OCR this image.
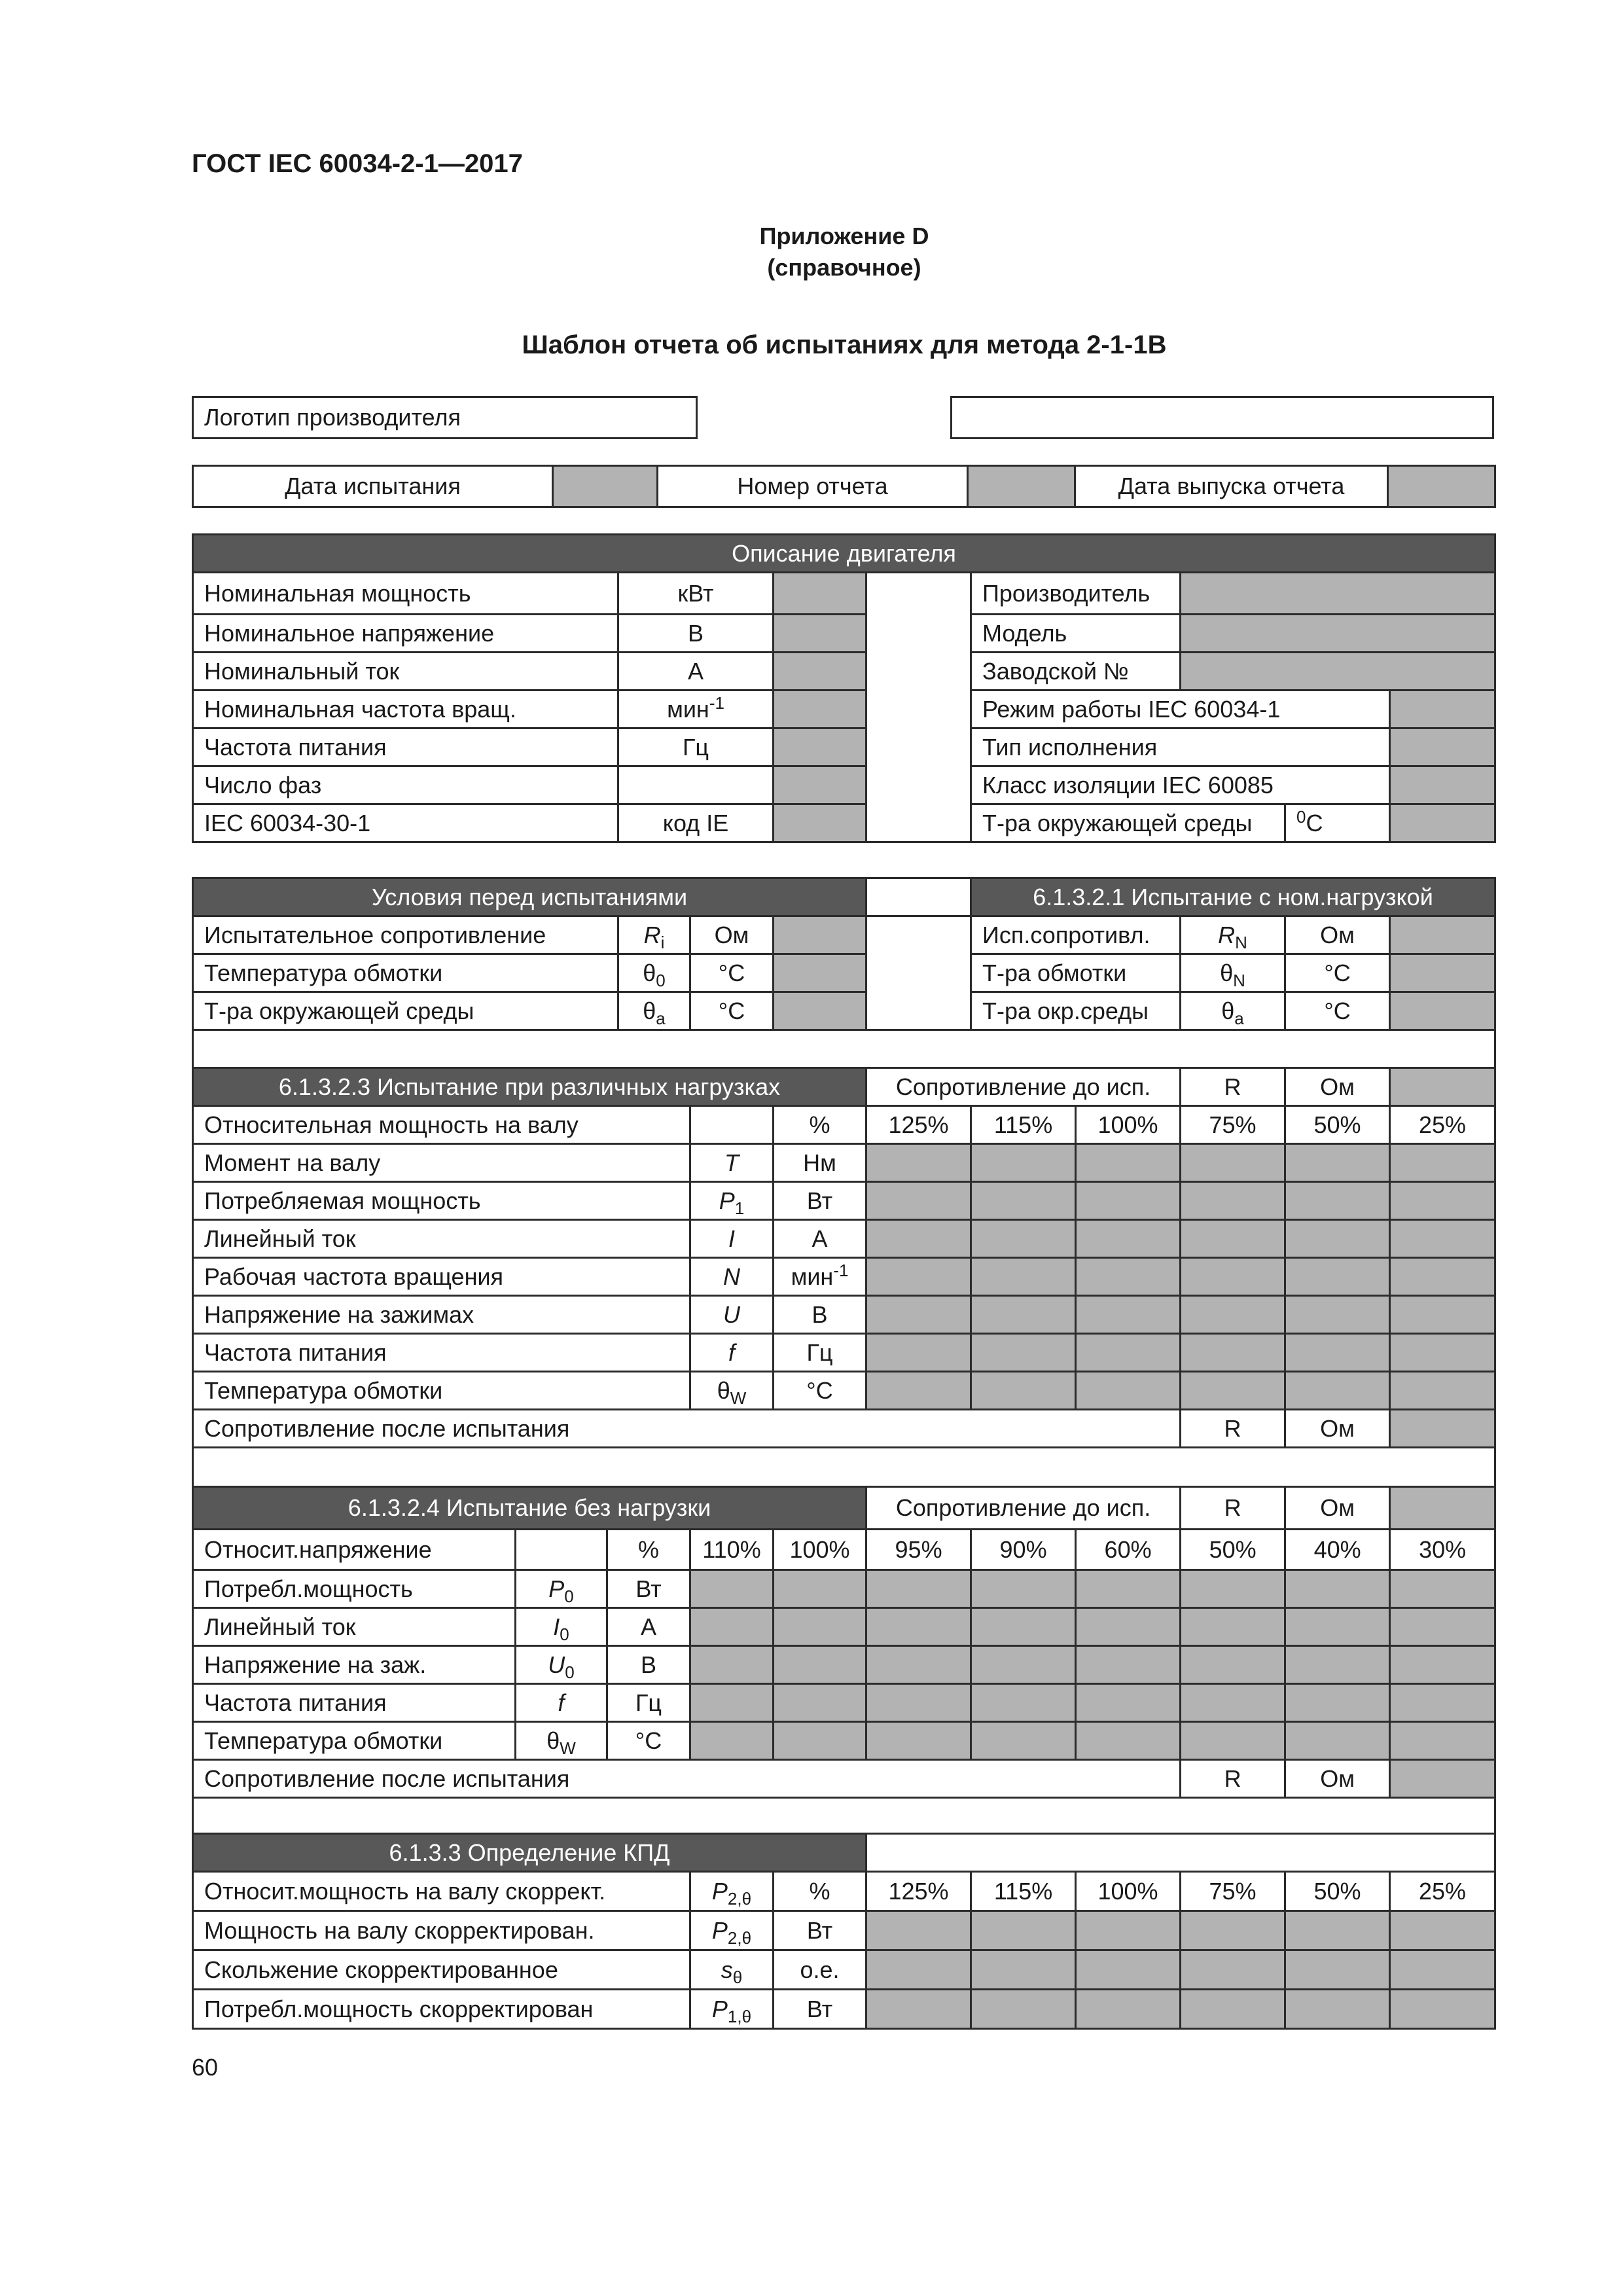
ГОСТ IEC 60034-2-1—2017
Приложение D
(справочное)
Шаблон отчета об испытаниях для метода 2-1-1В
Логотип производителя
Дата испытания		Номер отчета		Дата выпуска отчета	
Описание двигателя							
Номинальная мощность	кВт			Производитель			
Номинальное напряжение	В			Модель			
Номинальный ток	А			Заводской №			
Номинальная частота вращ.	мин$^{-1}$			Режим работы IEC 60034-1			
Частота питания	Гц			Тип исполнения			
Число фаз				Класс изоляции IEC 60085			
IEC 60034-30-1	код IE			Т-ра окружающей среды		$^0$C	
Условия перед испытаниями					6.1.3.2.1 Испытание с ном.нагрузкой			
Испытательное сопротивление	$R_i$	Ом			Исп.сопротивл.	$R_N$	Ом	
Температура обмотки	$\theta_0$	°C			Т-ра обмотки	$\theta_N$	°C	
Т-ра окружающей среды	$\theta_a$	°C			Т-ра окр.среды	$\theta_a$	°C	

6.1.3.2.3 Испытание при различных нагрузках			Сопротивление до исп.			R	Ом	
Относительная мощность на валу		%	125%	115%	100%	75%	50%	25%
Момент на валу	T	Нм						
Потребляемая мощность	$P_1$	Вт						
Линейный ток	I	А						
Рабочая частота вращения	N	мин$^{-1}$						
Напряжение на зажимах	U	В						
Частота питания	f	Гц						
Температура обмотки	$\theta_W$	°C						
Сопротивление после испытания						R	Ом	

6.1.3.2.4 Испытание без нагрузки					Сопротивление до исп.			R	Ом	
Относит.напряжение		%	110%	100%	95%	90%	60%	50%	40%	30%
Потребл.мощность	$P_0$	Вт								
Линейный ток	$I_0$	А								
Напряжение на заж.	$U_0$	В								
Частота питания	f	Гц								
Температура обмотки	$\theta_W$	°C								
Сопротивление после испытания								R	Ом	

6.1.3.3 Определение КПД								
Относит.мощность на валу скоррект.	$P_{2,\theta}$	%	125%	115%	100%	75%	50%	25%
Мощность на валу скорректирован.	$P_{2,\theta}$	Вт						
Скольжение скорректированное	$s_\theta$	о.е.						
Потребл.мощность скорректирован	$P_{1,\theta}$	Вт						
60
